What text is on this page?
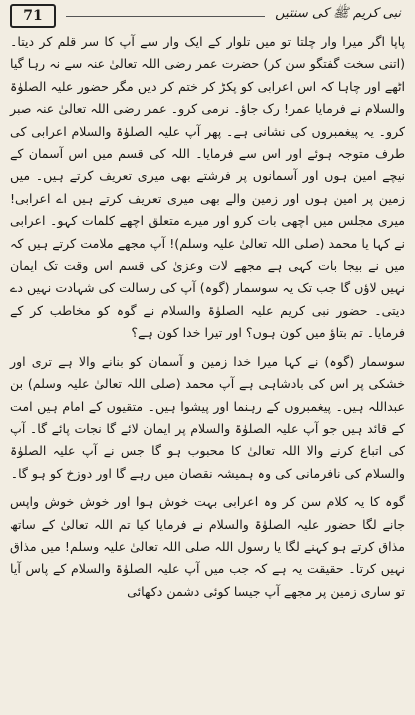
71	نبی کریم ﷺ کی سنتیں

پاپا اگر میرا وار چلتا تو میں تلوار کے ایک وار سے آپ کا سر قلم کر دیتا۔ (اتنی سخت گفتگو سن کر) حضرت عمر رضی اللہ تعالیٰ عنہ سے نہ رہا گیا اٹھے اور چاہا کہ اس اعرابی کو پکڑ کر ختم کر دیں مگر حضور علیہ الصلوٰۃ والسلام نے فرمایا عمر! رک جاؤ۔ نرمی کرو۔ عمر رضی اللہ تعالیٰ عنہ صبر کرو۔ یہ پیغمبروں کی نشانی ہے۔ پھر آپ علیہ الصلوٰۃ والسلام اعرابی کی طرف متوجہ ہوئے اور اس سے فرمایا۔ اللہ کی قسم میں اس آسمان کے نیچے امین ہوں اور آسمانوں پر فرشتے بھی میری تعریف کرتے ہیں۔ میں زمین پر امین ہوں اور زمین والے بھی میری تعریف کرتے ہیں اے اعرابی! میری مجلس میں اچھی بات کرو اور میرے متعلق اچھے کلمات کہو۔ اعرابی نے کہا یا محمد (صلی اللہ تعالیٰ علیہ وسلم)! آپ مجھے ملامت کرتے ہیں کہ میں نے بیجا بات کہی ہے مجھے لات وعزیٰ کی قسم اس وقت تک ایمان نہیں لاؤں گا جب تک یہ سوسمار (گوہ) آپ کی رسالت کی شہادت نہیں دے دیتی۔ حضور نبی کریم علیہ الصلوٰۃ والسلام نے گوہ کو مخاطب کر کے فرمایا۔ تم بتاؤ میں کون ہوں؟ اور تیرا خدا کون ہے؟

سوسمار (گوہ) نے کہا میرا خدا زمین و آسمان کو بنانے والا ہے تری اور خشکی پر اس کی بادشاہی ہے آپ محمد (صلی اللہ تعالیٰ علیہ وسلم) بن عبداللہ ہیں۔ پیغمبروں کے رہنما اور پیشوا ہیں۔ متقیوں کے امام ہیں امت کے قائد ہیں جو آپ علیہ الصلوٰۃ والسلام پر ایمان لائے گا نجات پائے گا۔ آپ کی اتباع کرنے والا اللہ تعالیٰ کا محبوب ہو گا جس نے آپ علیہ الصلوٰۃ والسلام کی نافرمانی کی وہ ہمیشہ نقصان میں رہے گا اور دوزخ کو ہو گا۔

گوہ کا یہ کلام سن کر وہ اعرابی بہت خوش ہوا اور خوش خوش واپس جانے لگا حضور علیہ الصلوٰۃ والسلام نے فرمایا کیا تم اللہ تعالیٰ کے ساتھ مذاق کرتے ہو کہنے لگا یا رسول اللہ صلی اللہ تعالیٰ علیہ وسلم! میں مذاق نہیں کرتا۔ حقیقت یہ ہے کہ جب میں آپ علیہ الصلوٰۃ والسلام کے پاس آیا تو ساری زمین پر مجھے آپ جیسا کوئی دشمن دکھائی
